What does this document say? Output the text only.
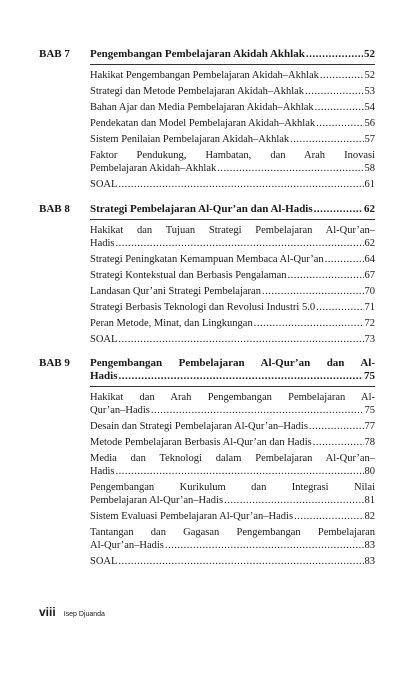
BAB 7 Pengembangan Pembelajaran Akidah Akhlak .....	52
Hakikat Pengembangan Pembelajaran Akidah–Akhlak .....	52
Strategi dan Metode Pembelajaran Akidah–Akhlak .....	53
Bahan Ajar dan Media Pembelajaran Akidah–Akhlak .....	54
Pendekatan dan Model Pembelajaran Akidah–Akhlak .....	56
Sistem Penilaian Pembelajaran Akidah–Akhlak .....	57
Faktor Pendukung, Hambatan, dan Arah Inovasi
Pembelajaran Akidah–Akhlak .....	58
SOAL .....	61
BAB 8 Strategi Pembelajaran Al-Qur’an dan Al-Hadis .....	62
Hakikat dan Tujuan Strategi Pembelajaran Al-Qur’an–
Hadis .....	62
Strategi Peningkatan Kemampuan Membaca Al-Qur’an .....	64
Strategi Kontekstual dan Berbasis Pengalaman .....	67
Landasan Qur’ani Strategi Pembelajaran .....	70
Strategi Berbasis Teknologi dan Revolusi Industri 5.0 .....	71
Peran Metode, Minat, dan Lingkungan .....	72
SOAL .....	73
BAB 9 Pengembangan Pembelajaran Al-Qur’an dan Al-
Hadis .....	75
Hakikat dan Arah Pengembangan Pembelajaran Al-
Qur’an–Hadis .....	75
Desain dan Strategi Pembelajaran Al-Qur’an–Hadis .....	77
Metode Pembelajaran Berbasis Al-Qur’an dan Hadis .....	78
Media dan Teknologi dalam Pembelajaran Al-Qur’an–
Hadis .....	80
Pengembangan Kurikulum dan Integrasi Nilai
Pembelajaran Al-Qur’an–Hadis .....	81
Sistem Evaluasi Pembelajaran Al-Qur’an–Hadis .....	82
Tantangan dan Gagasan Pengembangan Pembelajaran
Al-Qur’an–Hadis .....	83
SOAL .....	83
viii Isep Djuanda
